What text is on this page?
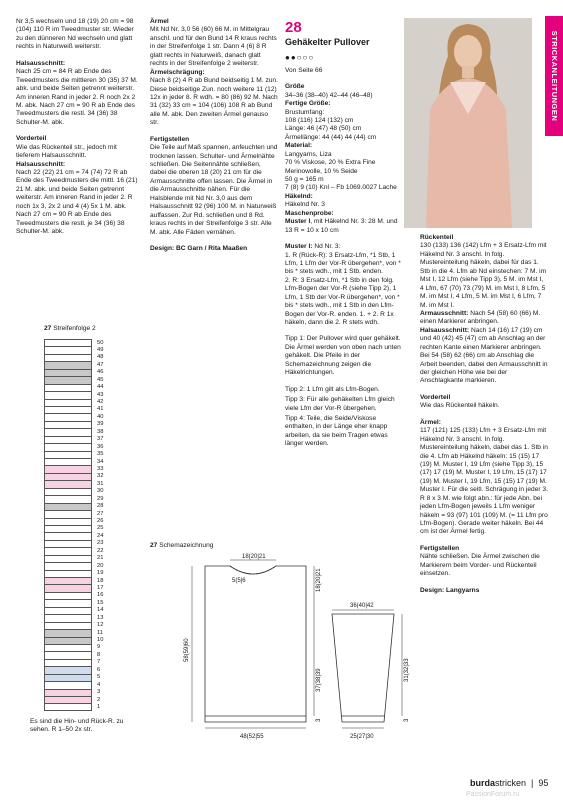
STRICKANLEITUNGEN

Nr 3,5 wechseln und 18 (19) 20 cm = 98 (104) 110 R im Tweedmuster str. Wieder zu den dünneren Nd wechseln und glatt rechts in Naturweiß weiterstr.

Halsausschnitt:
Nach 25 cm = 84 R ab Ende des Tweedmusters die mittleren 30 (35) 37 M. abk. und beide Seiten getrennt weiterstr. Am inneren Rand in jeder 2. R noch 2x 2 M. abk. Nach 27 cm = 90 R ab Ende des Tweedmusters die restl. 34 (36) 38 Schulter-M. abk.

Vorderteil
Wie das Rückenteil str., jedoch mit tieferem Halsausschnitt.

Halsausschnitt:
Nach 22 (22) 21 cm = 74 (74) 72 R ab Ende des Tweedmusters die mittl. 16 (21) 21 M. abk. und beide Seiten getrennt weiterstr. Am inneren Rand in jeder 2. R noch 1x 3, 2x 2 und 4 (4) 5x 1 M. abk. Nach 27 cm = 90 R ab Ende des Tweedmusters die restl. je 34 (36) 38 Schulter-M. abk.

Ärmel
Mit Nd Nr. 3,0 56 (60) 66 M. in Mittelgrau anschl. und für den Bund 14 R kraus rechts in der Streifenfolge 1 str. Dann 4 (6) 8 R glatt rechts in Naturweiß, danach glatt rechts in der Streifenfolge 2 weiterstr.

Ärmelschrägung:
Nach 8 (2) 4 R ab Bund beidseitig 1 M. zun. Diese beidseitige Zun. noch weitere 11 (12) 12x in jeder 8. R wdh. = 80 (86) 92 M. Nach 31 (32) 33 cm = 104 (106) 108 R ab Bund alle M. abk. Den zweiten Ärmel genauso str.

Fertigstellen
Die Teile auf Maß spannen, anfeuchten und trocknen lassen. Schulter- und Ärmelnähte schließen. Die Seitennähte schließen, dabei die oberen 18 (20) 21 cm für die Armausschnitte offen lassen. Die Ärmel in die Armausschnitte nähen. Für die Halsblende mit Nd Nr. 3,0 aus dem Halsausschnitt 92 (96) 100 M. in Naturweiß auffassen. Zur Rd. schließen und 8 Rd. kraus rechts in der Streifenfolge 3 str. Alle M. abk. Alle Fäden vernähen.

Design: BC Garn / Rita Maaßen

28
Gehäkelter Pullover
●●○○○

Von Seite 66

Größe
34–36 (38–40) 42–44 (46–48)

Fertige Größe:
Brustumfang:
108 (116) 124 (132) cm
Länge: 46 (47) 48 (50) cm
Ärmellänge: 44 (44) 44 (44) cm

Material:
Langyarns, Liza
70 % Viskose, 20 % Extra Fine Merinowolle, 10 % Seide
50 g = 165 m
7 (8) 9 (10) Knl – Fb 1069.0027 Lache

Häkelnd:
Häkelnd Nr. 3

Maschenprobe:
Muster I, mit Häkelnd Nr. 3: 28 M. und 13 R = 10 x 10 cm

Muster I: Nd Nr. 3:
1. R (Rück-R): 3 Ersatz-Lfm, *1 Stb, 1 Lfm, 1 Lfm der Vor-R übergehen*, von * bis * stets wdh., mit 1 Stb. enden.
2. R: 3 Ersatz-Lfm, *1 Stb in den folg. Lfm-Bogen der Vor-R (siehe Tipp 2), 1 Lfm, 1 Stb der Vor-R übergehen*, von * bis * stets wdh., mit 1 Stb in den Lfm-Bogen der Vor-R. enden. 1. + 2. R 1x häkeln, dann die 2. R stets wdh.

Tipp 1: Der Pullover wird quer gehäkelt. Die Ärmel werden von oben nach unten gehäkelt. Die Pfeile in der Schemazeichnung zeigen die Häkelrichtungen.

Tipp 2: 1 Lfm gilt als Lfm-Bogen.

Tipp 3: Für alle gehäkelten Lfm gleich viele Lfm der Vor-R übergehen.

Tipp 4: Teile, die Seide/Viskose enthalten, in der Länge eher knapp arbeiten, da sie beim Tragen etwas länger werden.

Rückenteil
130 (133) 136 (142) Lfm + 3 Ersatz-Lfm mit Häkelnd Nr. 3 anschl. In folg. Mustereinteilung häkeln, dabei für das 1. Stb in die 4. Lfm ab Nd einstechen: 7 M. im Mst I, 12 Lfm (siehe Tipp 3), 5 M. im Mst I, 4 Lfm, 67 (70) 73 (79) M. im Mst I, 8 Lfm, 5 M. im Mst I, 4 Lfm, 5 M. im Mst I, 6 Lfm, 7 M. im Mst I.
Armausschnitt: Nach 54 (58) 60 (66) M. einen Markierer anbringen.
Halsausschnitt: Nach 14 (16) 17 (19) cm und 40 (42) 45 (47) cm ab Anschlag an der rechten Kante einen Markierer anbringen. Bei 54 (58) 62 (66) cm ab Anschlag die Arbeit beenden, dabei den Armausschnitt in der gleichen Höhe wie bei der Anschlagkante markieren.

Vorderteil
Wie das Rückenteil häkeln.

Ärmel:
117 (121) 125 (133) Lfm + 3 Ersatz-Lfm mit Häkelnd Nr. 3 anschl. In folg. Mustereinteilung häkeln, dabei das 1. Stb in die 4. Lfm ab Häkelnd häkeln: 15 (15) 17 (19) M. Muster I, 19 Lfm (siehe Tipp 3), 15 (17) 17 (19) M. Muster I, 19 Lfm, 15 (17) 17 (19) M. Muster I, 19 Lfm, 15 (15) 17 (19) M. Muster I. Für die seitl. Schrägung in jeder 3. R 8 x 3 M. wie folgt abn.: für jede Abn. bei jeden Lfm-Bogen jeweils 1 Lfm weniger häkeln = 93 (97) 101 (109) M. (= 11 Lfm pro Lfm-Bogen). Gerade weiter häkeln. Bei 44 cm ist der Ärmel fertig.

Fertigstellen
Nähte schließen. Die Ärmel zwischen die Markierern beim Vorder- und Rückenteil einsetzen.

Design: Langyarns

27 Streifenfolge 2
50
49
48
47
46
45
44
43
42
41
40
39
38
37
36
35
34
33
32
31
30
29
28
27
26
25
24
23
22
21
20
19
18
17
16
15
14
13
12
11
10
9
8
7
6
5
4
3
2
1
Es sind die Hin- und Rück-R. zu sehen. R 1–50 2x str.
27 Schemazeichnung
18(20|21
5(5|6
58(59|60
18(20|21
37(38|39
3
48(52|55
36(40|42
31(32|33
3
25(27|30
burdastricken  |  95
PassionForum.ru
